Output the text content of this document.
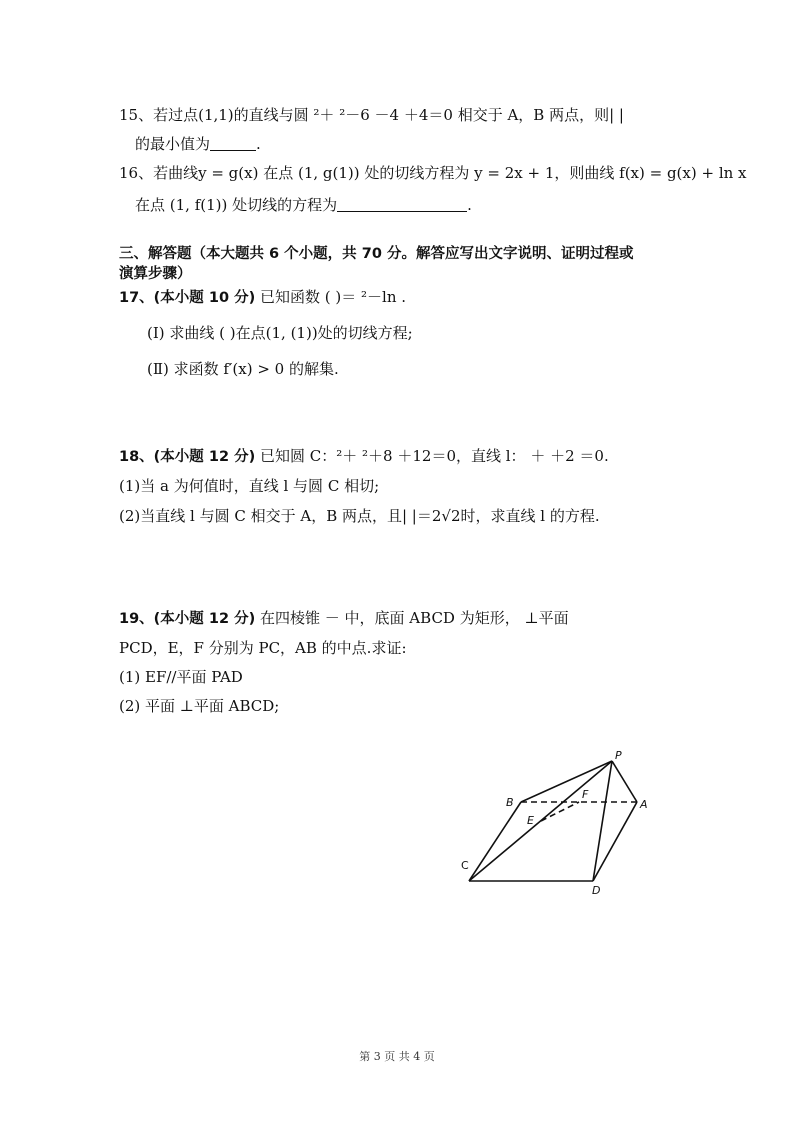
15、若过点(1,1)的直线与圆 ²＋ ²－6 －4 ＋4＝0 相交于 A，B 两点，则| |
的最小值为	.
16、若曲线y = g(x) 在点 (1, g(1)) 处的切线方程为 y = 2x + 1，则曲线 f(x) = g(x) + ln x
在点 (1, f(1)) 处切线的方程为	.
三、解答题（本大题共 6 个小题，共 70 分。解答应写出文字说明、证明过程或
演算步骤）
17、(本小题 10 分) 已知函数 ( )＝ ²－ln .
(Ⅰ) 求曲线 ( )在点(1, (1))处的切线方程;
(Ⅱ) 求函数 f′(x) > 0 的解集.
18、(本小题 12 分) 已知圆 C：²＋ ²＋8 ＋12＝0，直线 l： ＋ ＋2 ＝0.
(1)当 a 为何值时，直线 l 与圆 C 相切;
(2)当直线 l 与圆 C 相交于 A，B 两点，且| |＝2√2时，求直线 l 的方程.
19、(本小题 12 分) 在四棱锥 － 中，底面 ABCD 为矩形， ⊥平面
PCD，E，F 分别为 PC，AB 的中点.求证:
(1) EF//平面 PAD
(2) 平面 ⊥平面 ABCD;
P
A
B
C
D
E
F
第 3 页 共 4 页
